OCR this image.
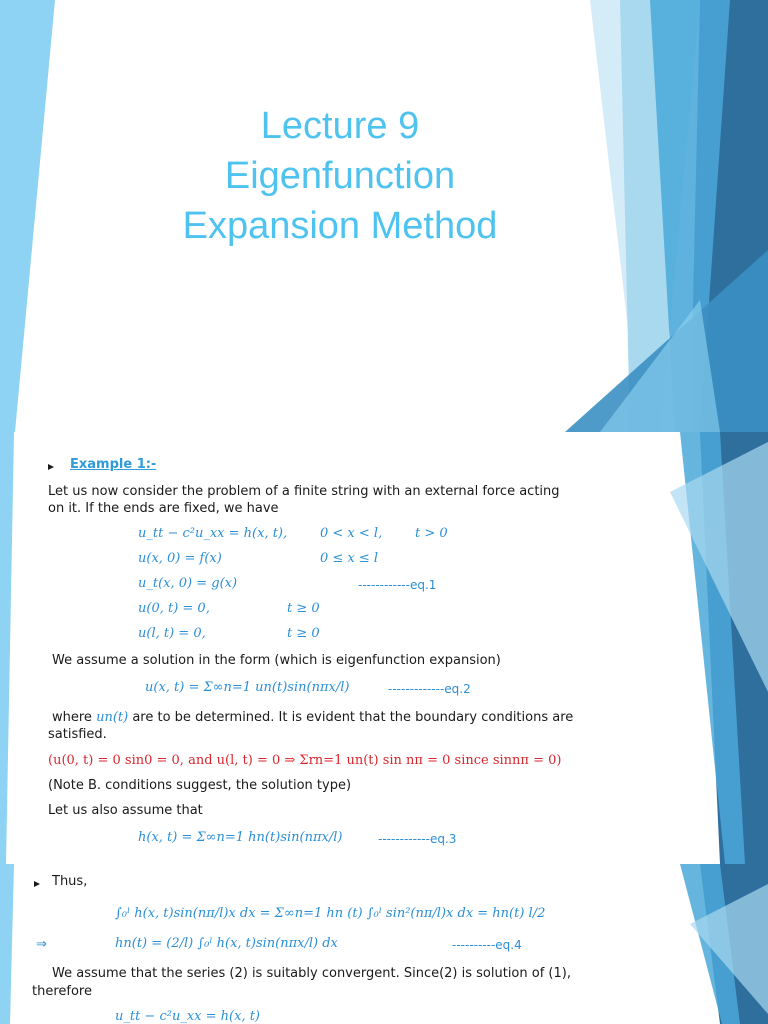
Lecture 9
Eigenfunction
Expansion Method
Example 1:-
Let us now consider the problem of a finite string with an external force acting
on it. If the ends are fixed, we have
u_tt − c²u_xx = h(x, t),	0 < x < l,	t > 0
u(x, 0) = f(x)	0 ≤ x ≤ l
u_t(x, 0) = g(x)	------------eq.1
u(0, t) = 0,	t ≥ 0
u(l, t) = 0,	t ≥ 0
We assume a solution in the form (which is eigenfunction expansion)
u(x, t) = Σ∞n=1 un(t)sin(nπx/l)	-------------eq.2
where un(t) are to be determined. It is evident that the boundary conditions are
satisfied.
(u(0, t) = 0 sin0 = 0, and u(l, t) = 0 ⇒ Σrn=1 un(t) sin nπ = 0 since sinnπ = 0)
(Note B. conditions suggest, the solution type)
Let us also assume that
h(x, t) = Σ∞n=1 hn(t)sin(nπx/l)	------------eq.3
Thus,
∫₀ˡ h(x, t)sin(nπ/l)x dx = Σ∞n=1 hn (t) ∫₀ˡ sin²(nπ/l)x dx = hn(t) l/2
⇒	hn(t) = (2/l) ∫₀ˡ h(x, t)sin(nπx/l) dx	----------eq.4
We assume that the series (2) is suitably convergent. Since(2) is solution of (1),
therefore
u_tt − c²u_xx = h(x, t)
